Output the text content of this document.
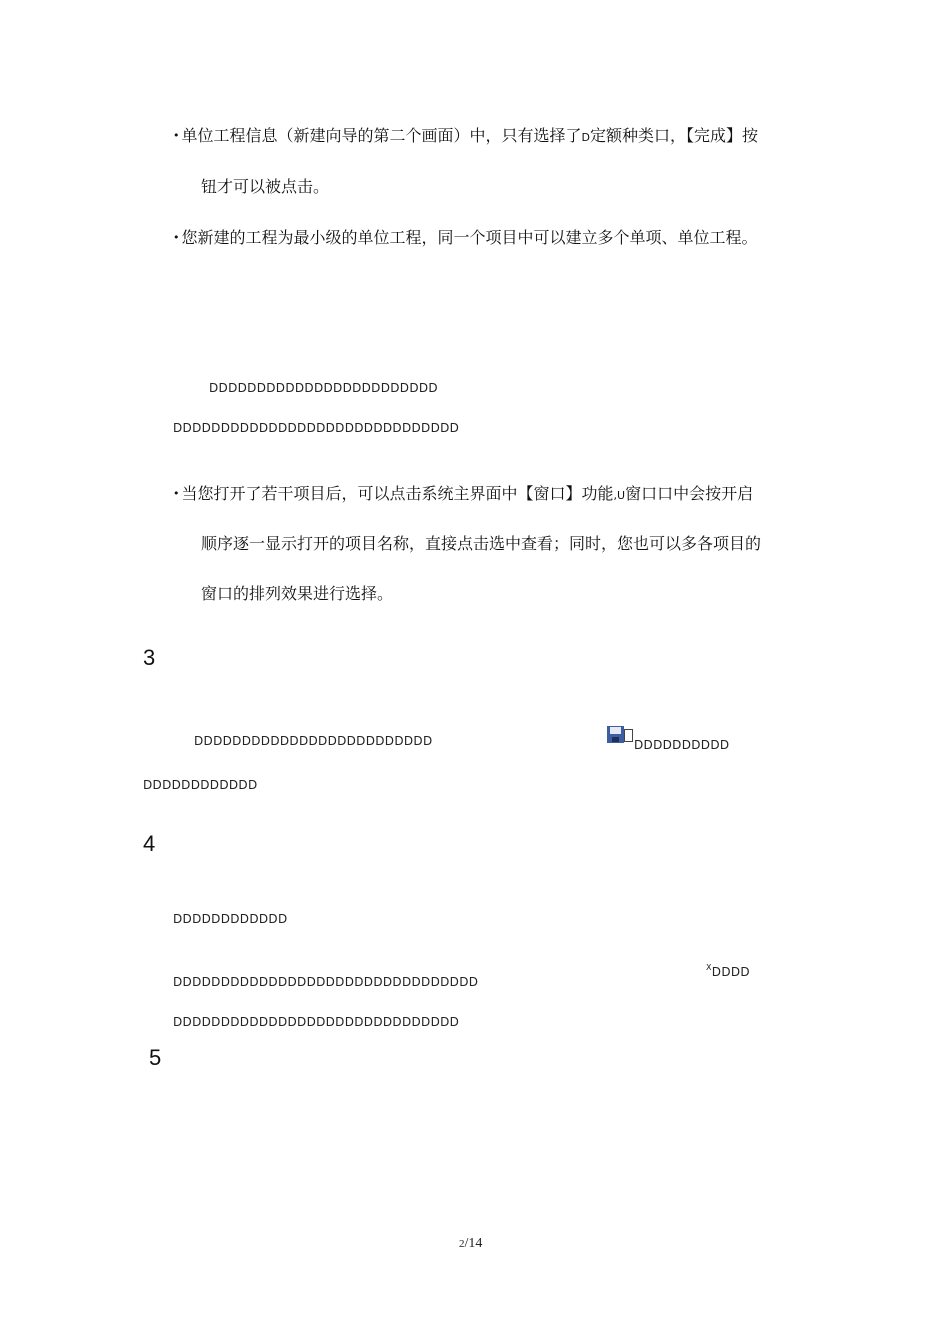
• 单位工程信息（新建向导的第二个画面）中，只有选择了D定额种类口，【完成】按
钮才可以被点击。
• 您新建的工程为最小级的单位工程，同一个项目中可以建立多个单项、单位工程。
DDDDDDDDDDDDDDDDDDDDDDDD
DDDDDDDDDDDDDDDDDDDDDDDDDDDDDD
• 当您打开了若干项目后，可以点击系统主界面中【窗口】功能,U窗口口中会按开启
顺序逐一显示打开的项目名称，直接点击选中查看；同时，您也可以多各项目的
窗口的排列效果进行选择。
3
DDDDDDDDDDDDDDDDDDDDDDDDD	DDDDDDDDDD
DDDDDDDDDDDD
4
DDDDDDDDDDDD
DDDDDDDDDDDDDDDDDDDDDDDDDDDDDDDD
$^X$DDDD
DDDDDDDDDDDDDDDDDDDDDDDDDDDDDD
5
2/14
